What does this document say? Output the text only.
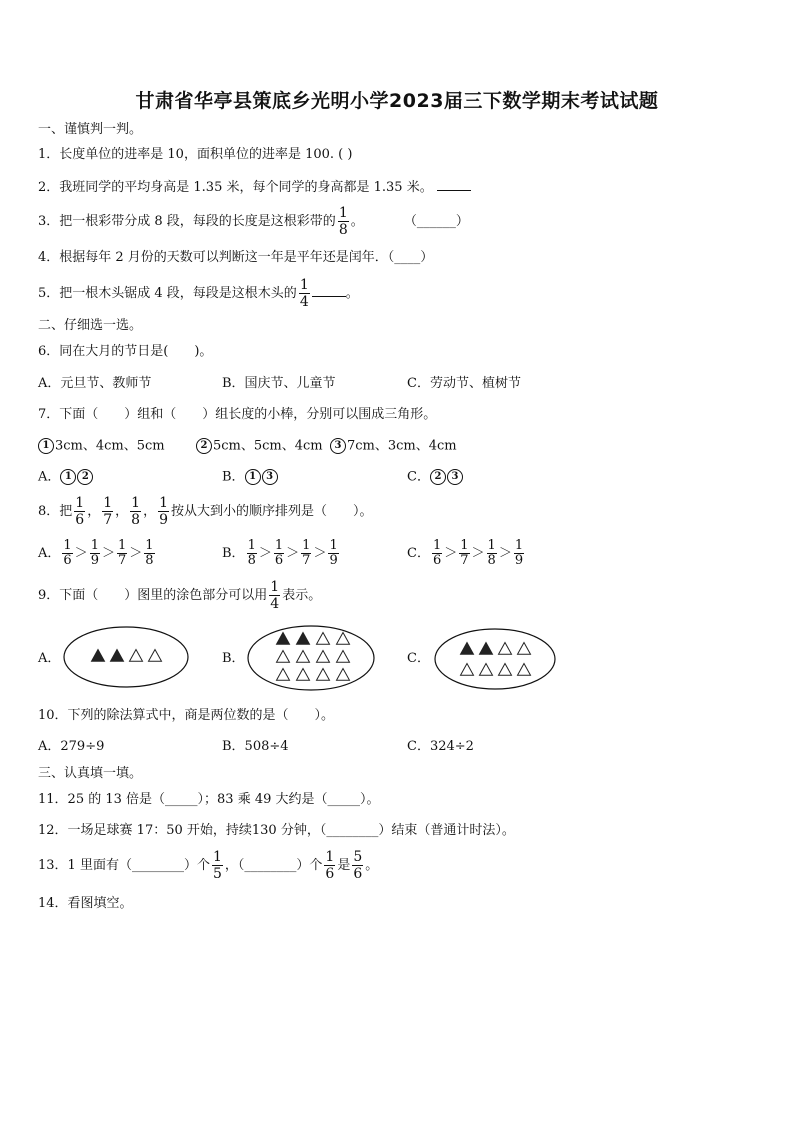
甘肃省华亭县策底乡光明小学2023届三下数学期末考试试题
一、谨慎判一判。
1．长度单位的进率是 10，面积单位的进率是 100. ( )
2．我班同学的平均身高是 1.35 米，每个同学的身高都是 1.35 米。
3．把一根彩带分成 8 段，每段的长度是这根彩带的 $\frac{1}{8}$ 。	（______）
4．根据每年 2 月份的天数可以判断这一年是平年还是闰年．（____）
5．把一根木头锯成 4 段，每段是这根木头的 $\frac{1}{4}$	。
二、仔细选一选。
6．同在大月的节日是(　　)。
A．元旦节、教师节	B．国庆节、儿童节	C．劳动节、植树节
7．下面（　　）组和（　　）组长度的小棒，分别可以围成三角形。
1 3cm、4cm、5cm	2 5cm、5cm、4cm	3 7cm、3cm、4cm
A． 1 2	B． 1 3	C． 2 3
8．把 $\frac{1}{6}$ ， $\frac{1}{7}$ ， $\frac{1}{8}$ ， $\frac{1}{9}$ 按从大到小的顺序排列是（　　）。
A． $\frac{1}{6} > \frac{1}{9} > \frac{1}{7} > \frac{1}{8}$	B． $\frac{1}{8} > \frac{1}{6} > \frac{1}{7} > \frac{1}{9}$	C． $\frac{1}{6} > \frac{1}{7} > \frac{1}{8} > \frac{1}{9}$
9．下面（　　）图里的涂色部分可以用 $\frac{1}{4}$ 表示。
A．	B．	C．
10．下列的除法算式中，商是两位数的是（　　）。
A．279÷9	B．508÷4	C．324÷2
三、认真填一填。
11．25 的 13 倍是（_____）；83 乘 49 大约是（_____）。
12．一场足球赛 17：50 开始，持续130 分钟，（________）结束（普通计时法）。
13．1 里面有（________）个 $\frac{1}{5}$ ，（________）个 $\frac{1}{6}$ 是 $\frac{5}{6}$ 。
14．看图填空。
